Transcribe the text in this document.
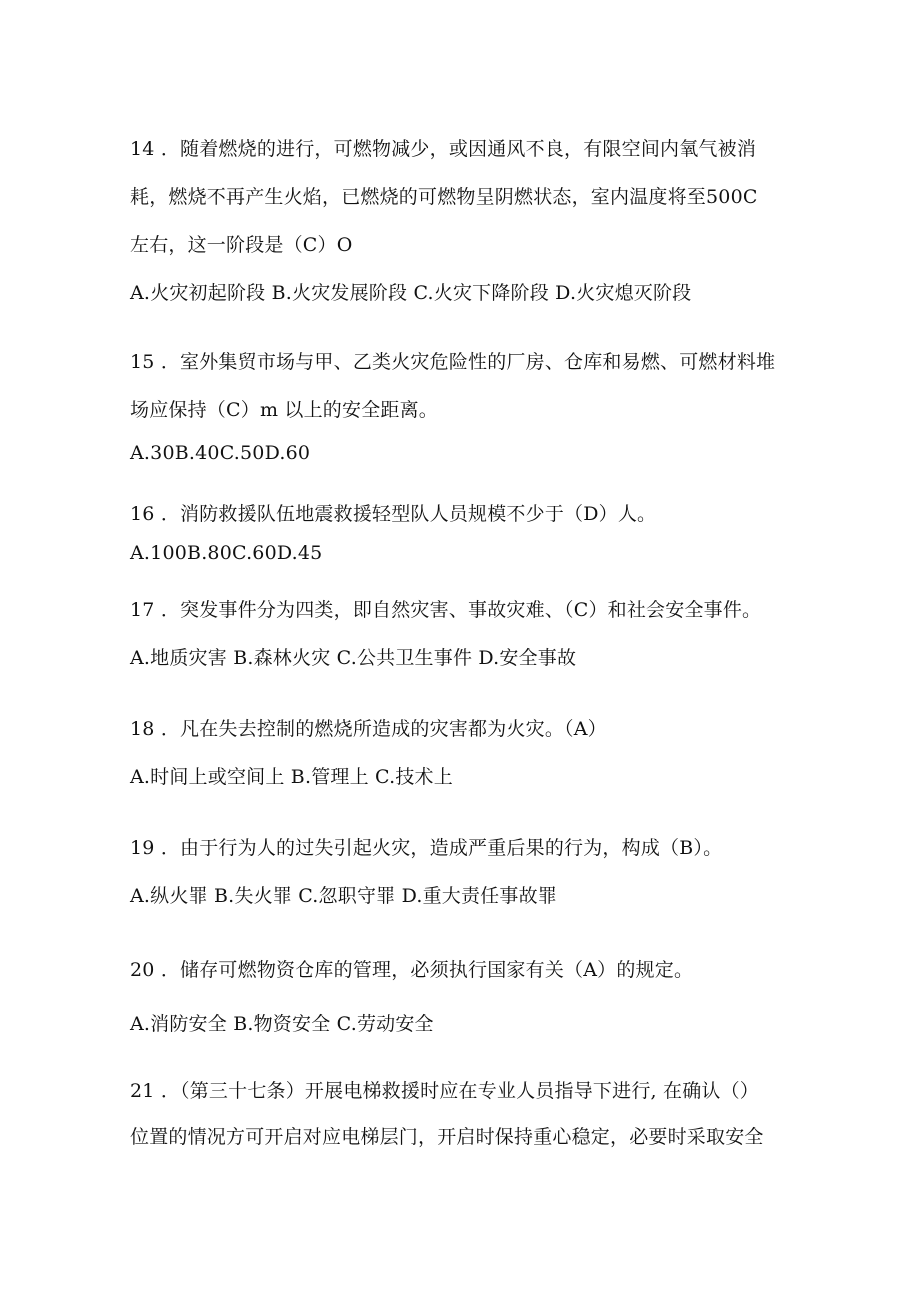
14 ．随着燃烧的进行，可燃物减少，或因通风不良，有限空间内氧气被消
耗，燃烧不再产生火焰，已燃烧的可燃物呈阴燃状态，室内温度将至500C
左右，这一阶段是（C）O
A.火灾初起阶段 B.火灾发展阶段 C.火灾下降阶段 D.火灾熄灭阶段
15 ．室外集贸市场与甲、乙类火灾危险性的厂房、仓库和易燃、可燃材料堆
场应保持（C）m 以上的安全距离。
A.30B.40C.50D.60
16 ．消防救援队伍地震救援轻型队人员规模不少于（D）人。
A.100B.80C.60D.45
17 ．突发事件分为四类，即自然灾害、事故灾难、（C）和社会安全事件。
A.地质灾害 B.森林火灾 C.公共卫生事件 D.安全事故
18 ．凡在失去控制的燃烧所造成的灾害都为火灾。（A）
A.时间上或空间上 B.管理上 C.技术上
19 ．由于行为人的过失引起火灾，造成严重后果的行为，构成（B）。
A.纵火罪 B.失火罪 C.忽职守罪 D.重大责任事故罪
20 ．储存可燃物资仓库的管理，必须执行国家有关（A）的规定。
A.消防安全 B.物资安全 C.劳动安全
21 ．（第三十七条）开展电梯救援时应在专业人员指导下进行, 在确认（）
位置的情况方可开启对应电梯层门，开启时保持重心稳定，必要时采取安全
